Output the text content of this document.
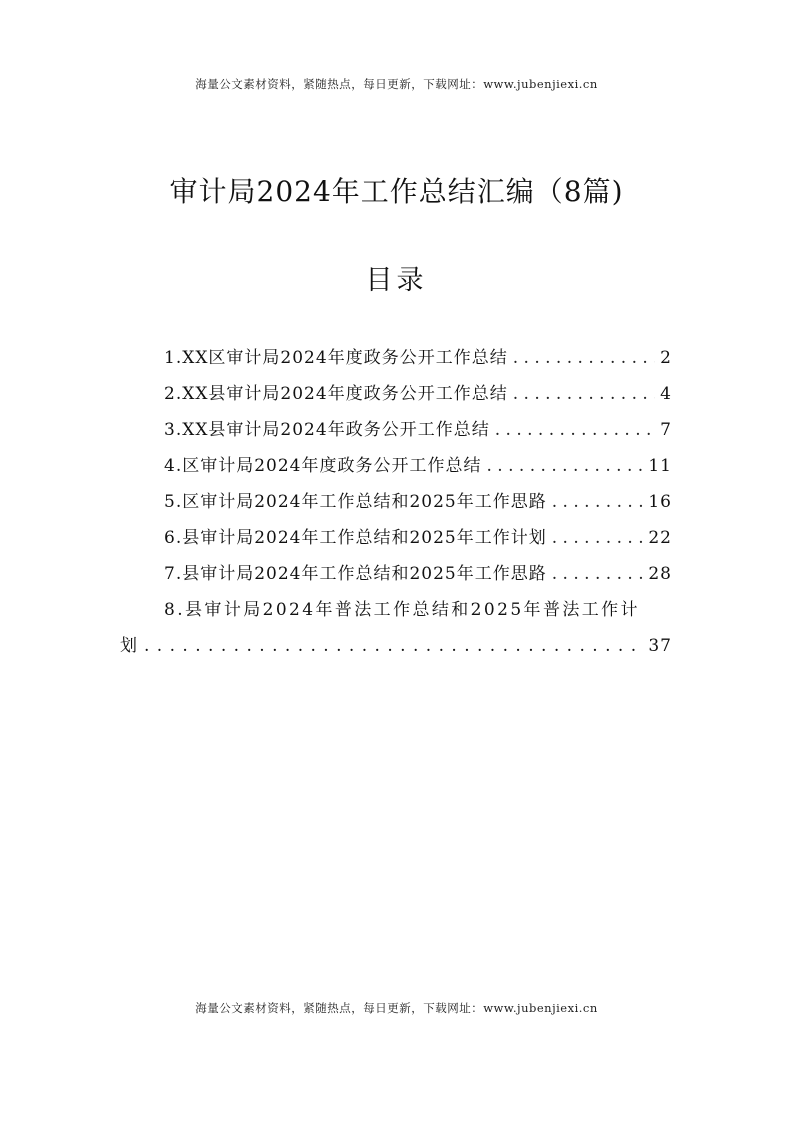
海量公文素材资料，紧随热点，每日更新，下载网址：www.jubenjiexi.cn
审计局2024年工作总结汇编（8篇)
目录
1.XX区审计局2024年度政务公开工作总结 . . .	2
2.XX县审计局2024年度政务公开工作总结 . . .	4
3.XX县审计局2024年政务公开工作总结 . . .	7
4.区审计局2024年度政务公开工作总结 . . .	11
5.区审计局2024年工作总结和2025年工作思路 . . .	16
6.县审计局2024年工作总结和2025年工作计划 . . .	22
7.县审计局2024年工作总结和2025年工作思路 . . .	28
8.县审计局2024年普法工作总结和2025年普法工作计
划 . . .	37
海量公文素材资料，紧随热点，每日更新，下载网址：www.jubenjiexi.cn
